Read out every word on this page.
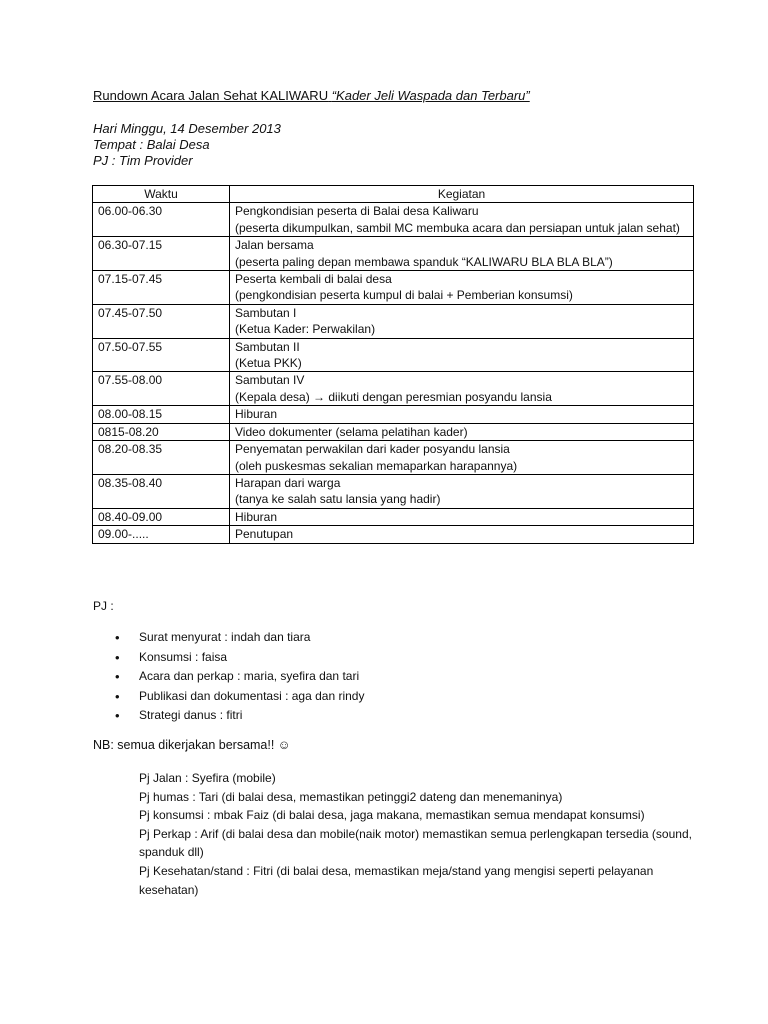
Rundown Acara Jalan Sehat KALIWARU “Kader Jeli Waspada dan Terbaru”
Hari Minggu, 14 Desember 2013
Tempat : Balai Desa
PJ : Tim Provider
Waktu	Kegiatan
06.00-06.30	Pengkondisian peserta di Balai desa Kaliwaru
(peserta dikumpulkan, sambil MC membuka acara dan persiapan untuk jalan sehat)

06.30-07.15	Jalan bersama
(peserta paling depan membawa spanduk “KALIWARU BLA BLA BLA”)

07.15-07.45	Peserta kembali di balai desa
(pengkondisian peserta kumpul di balai + Pemberian konsumsi)

07.45-07.50	Sambutan I
(Ketua Kader: Perwakilan)

07.50-07.55	Sambutan II
(Ketua PKK)

07.55-08.00	Sambutan IV
(Kepala desa) → diikuti dengan peresmian posyandu lansia

08.00-08.15	Hiburan

0815-08.20	Video dokumenter (selama pelatihan kader)

08.20-08.35	Penyematan perwakilan dari kader posyandu lansia
(oleh puskesmas sekalian memaparkan harapannya)

08.35-08.40	Harapan dari warga
(tanya ke salah satu lansia yang hadir)

08.40-09.00	Hiburan

09.00-.....	Penutupan
PJ :
• Surat menyurat : indah dan tiara
• Konsumsi : faisa
• Acara dan perkap : maria, syefira dan tari
• Publikasi dan dokumentasi : aga dan rindy
• Strategi danus : fitri
NB: semua dikerjakan bersama!! ☺

Pj Jalan : Syefira (mobile)

Pj humas : Tari (di balai desa, memastikan petinggi2 dateng dan menemaninya)

Pj konsumsi : mbak Faiz (di balai desa, jaga makana, memastikan semua mendapat konsumsi)

Pj Perkap : Arif (di balai desa dan mobile(naik motor) memastikan semua perlengkapan tersedia (sound, spanduk dll)

Pj Kesehatan/stand : Fitri (di balai desa, memastikan meja/stand yang mengisi seperti pelayanan kesehatan)
